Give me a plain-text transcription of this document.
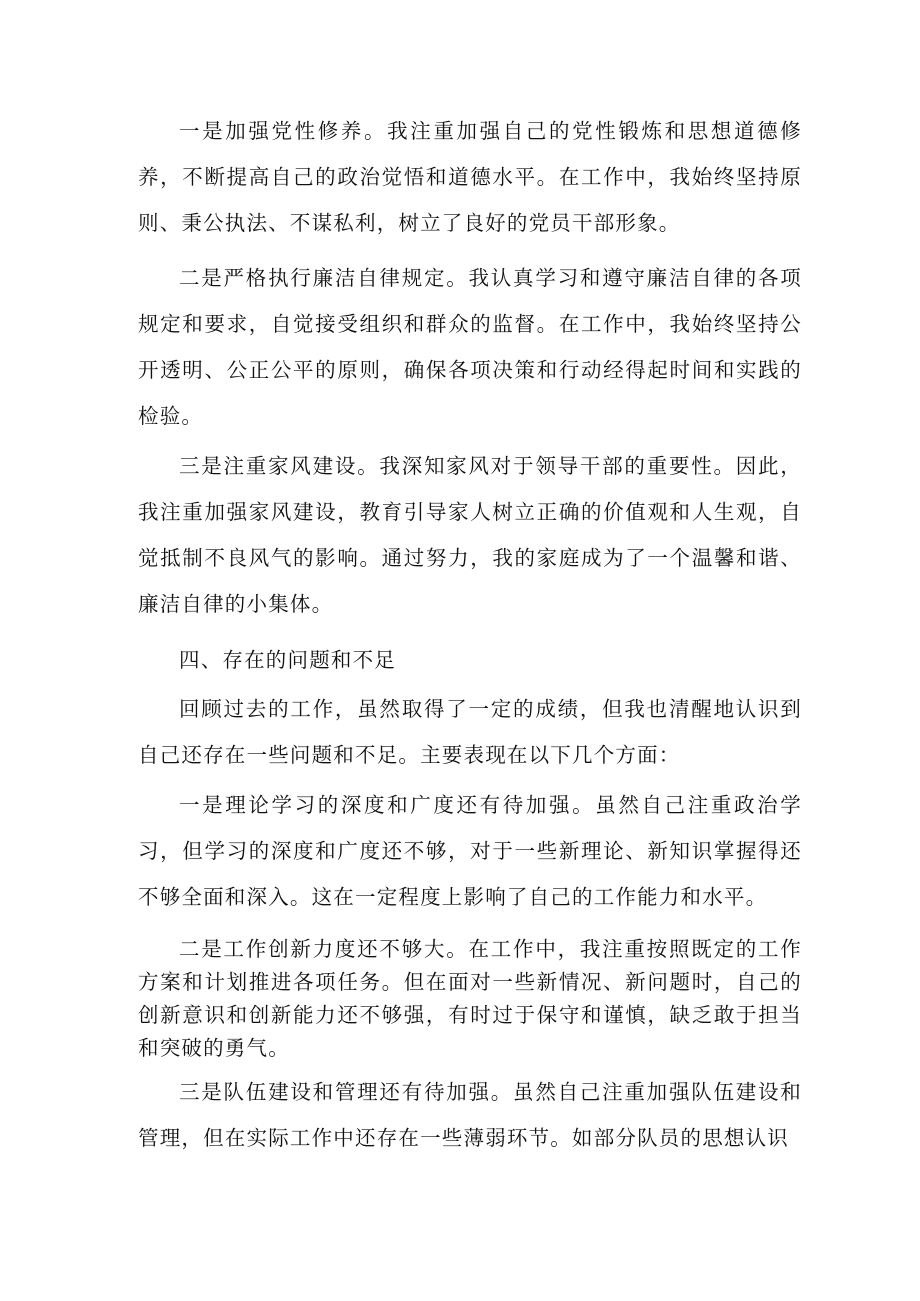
一是加强党性修养。我注重加强自己的党性锻炼和思想道德修养，不断提高自己的政治觉悟和道德水平。在工作中，我始终坚持原则、秉公执法、不谋私利，树立了良好的党员干部形象。

二是严格执行廉洁自律规定。我认真学习和遵守廉洁自律的各项规定和要求，自觉接受组织和群众的监督。在工作中，我始终坚持公开透明、公正公平的原则，确保各项决策和行动经得起时间和实践的检验。

三是注重家风建设。我深知家风对于领导干部的重要性。因此，我注重加强家风建设，教育引导家人树立正确的价值观和人生观，自觉抵制不良风气的影响。通过努力，我的家庭成为了一个温馨和谐、廉洁自律的小集体。

四、存在的问题和不足

回顾过去的工作，虽然取得了一定的成绩，但我也清醒地认识到自己还存在一些问题和不足。主要表现在以下几个方面：

一是理论学习的深度和广度还有待加强。虽然自己注重政治学习，但学习的深度和广度还不够，对于一些新理论、新知识掌握得还不够全面和深入。这在一定程度上影响了自己的工作能力和水平。

二是工作创新力度还不够大。在工作中，我注重按照既定的工作方案和计划推进各项任务。但在面对一些新情况、新问题时，自己的创新意识和创新能力还不够强，有时过于保守和谨慎，缺乏敢于担当和突破的勇气。

三是队伍建设和管理还有待加强。虽然自己注重加强队伍建设和管理，但在实际工作中还存在一些薄弱环节。如部分队员的思想认识
